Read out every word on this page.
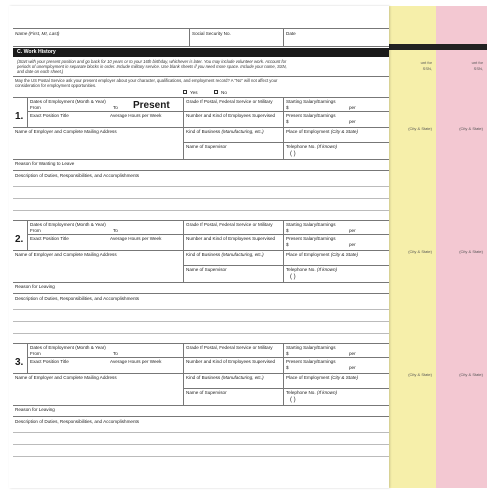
unt for
SSN,
(City & State)
(City & State)
(City & State)
unt for
SSN,
(City & State)
(City & State)
(City & State)
Name (First, MI, Last)	Social Security No.	Date
C. Work History
(Start with your present position and go back for 10 years or to your 16th birthday, whichever is later. You may include volunteer work. Account for
periods of unemployment in separate blocks in order. Include military service. Use blank sheets if you need more space. Include your name, SSN,
and date on each sheet.)
May the US Postal Service ask your present employer about your character, qualifications, and employment record? A "No" will not affect your
consideration for employment opportunities.
Yes	No
1.
Dates of Employment (Month & Year)
From	To Present
Exact Position Title	Average Hours per Week
Grade If Postal, Federal Service or Military
Number and Kind of Employees Supervised
Starting Salary/Earnings
$	per
Present Salary/Earnings
$	per
Name of Employer and Complete Mailing Address	Kind of Business (Manufacturing, etc.)	Place of Employment (City & State)
Name of Supervisor	Telephone No. (If known)
( )
Reason for Wanting to Leave
Description of Duties, Responsibilities, and Accomplishments
2.
Dates of Employment (Month & Year)
From	To
Exact Position Title	Average Hours per Week
Grade If Postal, Federal Service or Military
Number and Kind of Employees Supervised
Starting Salary/Earnings
$	per
Present Salary/Earnings
$	per
Name of Employer and Complete Mailing Address	Kind of Business (Manufacturing, etc.)	Place of Employment (City & State)
Name of Supervisor	Telephone No. (If known)
( )
Reason for Leaving
Description of Duties, Responsibilities, and Accomplishments
3.
Dates of Employment (Month & Year)
From	To
Exact Position Title	Average Hours per Week
Grade If Postal, Federal Service or Military
Number and Kind of Employees Supervised
Starting Salary/Earnings
$	per
Present Salary/Earnings
$	per
Name of Employer and Complete Mailing Address	Kind of Business (Manufacturing, etc.)	Place of Employment (City & State)
Name of Supervisor	Telephone No. (If known)
( )
Reason for Leaving
Description of Duties, Responsibilities, and Accomplishments
